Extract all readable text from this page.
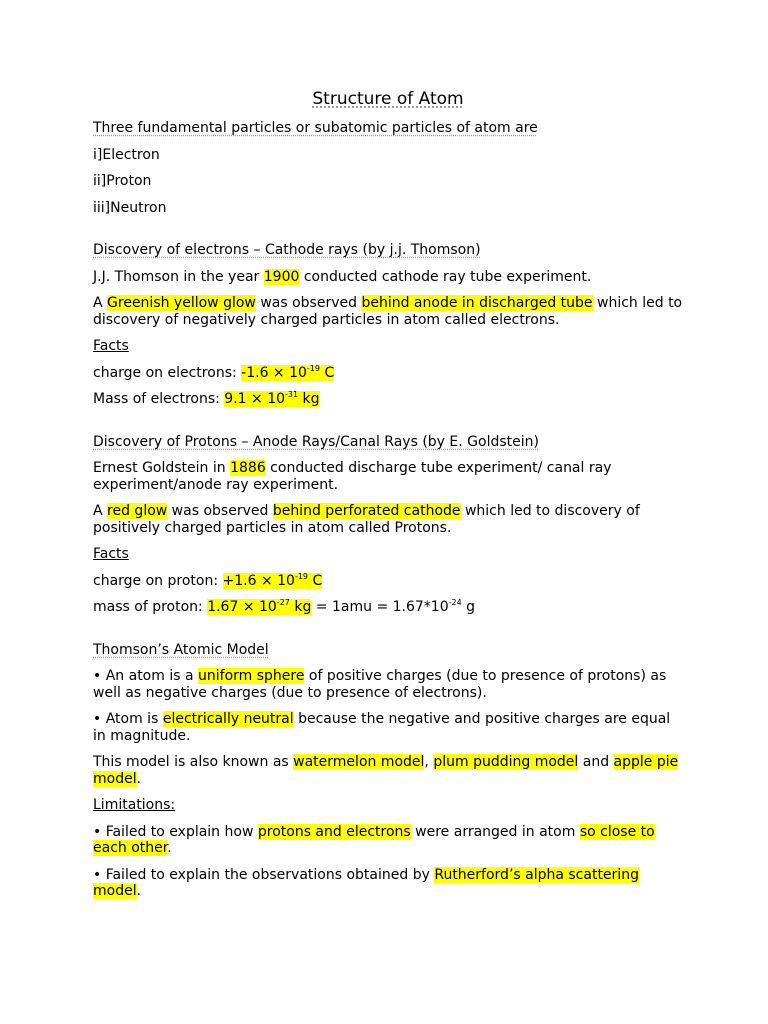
Structure of Atom

Three fundamental particles or subatomic particles of atom are

i]Electron

ii]Proton

iii]Neutron

Discovery of electrons – Cathode rays (by j.j. Thomson)

J.J. Thomson in the year 1900 conducted cathode ray tube experiment.

A Greenish yellow glow was observed behind anode in discharged tube which led to discovery of negatively charged particles in atom called electrons.

Facts

charge on electrons: $-1.6 \times 10^{-19}$ C

Mass of electrons: $9.1 \times 10^{-31}$ kg

Discovery of Protons – Anode Rays/Canal Rays (by E. Goldstein)

Ernest Goldstein in 1886 conducted discharge tube experiment/ canal ray experiment/anode ray experiment.

A red glow was observed behind perforated cathode which led to discovery of positively charged particles in atom called Protons.

Facts

charge on proton: $+1.6 \times 10^{-19}$ C

mass of proton: $1.67 \times 10^{-27}$ kg = $1amu = 1.67*10^{-24}$ g

Thomson’s Atomic Model

• An atom is a uniform sphere of positive charges (due to presence of protons) as well as negative charges (due to presence of electrons).

• Atom is electrically neutral because the negative and positive charges are equal in magnitude.

This model is also known as watermelon model, plum pudding model and apple pie model.

Limitations:

• Failed to explain how protons and electrons were arranged in atom so close to each other.

• Failed to explain the observations obtained by Rutherford’s alpha scattering model.
